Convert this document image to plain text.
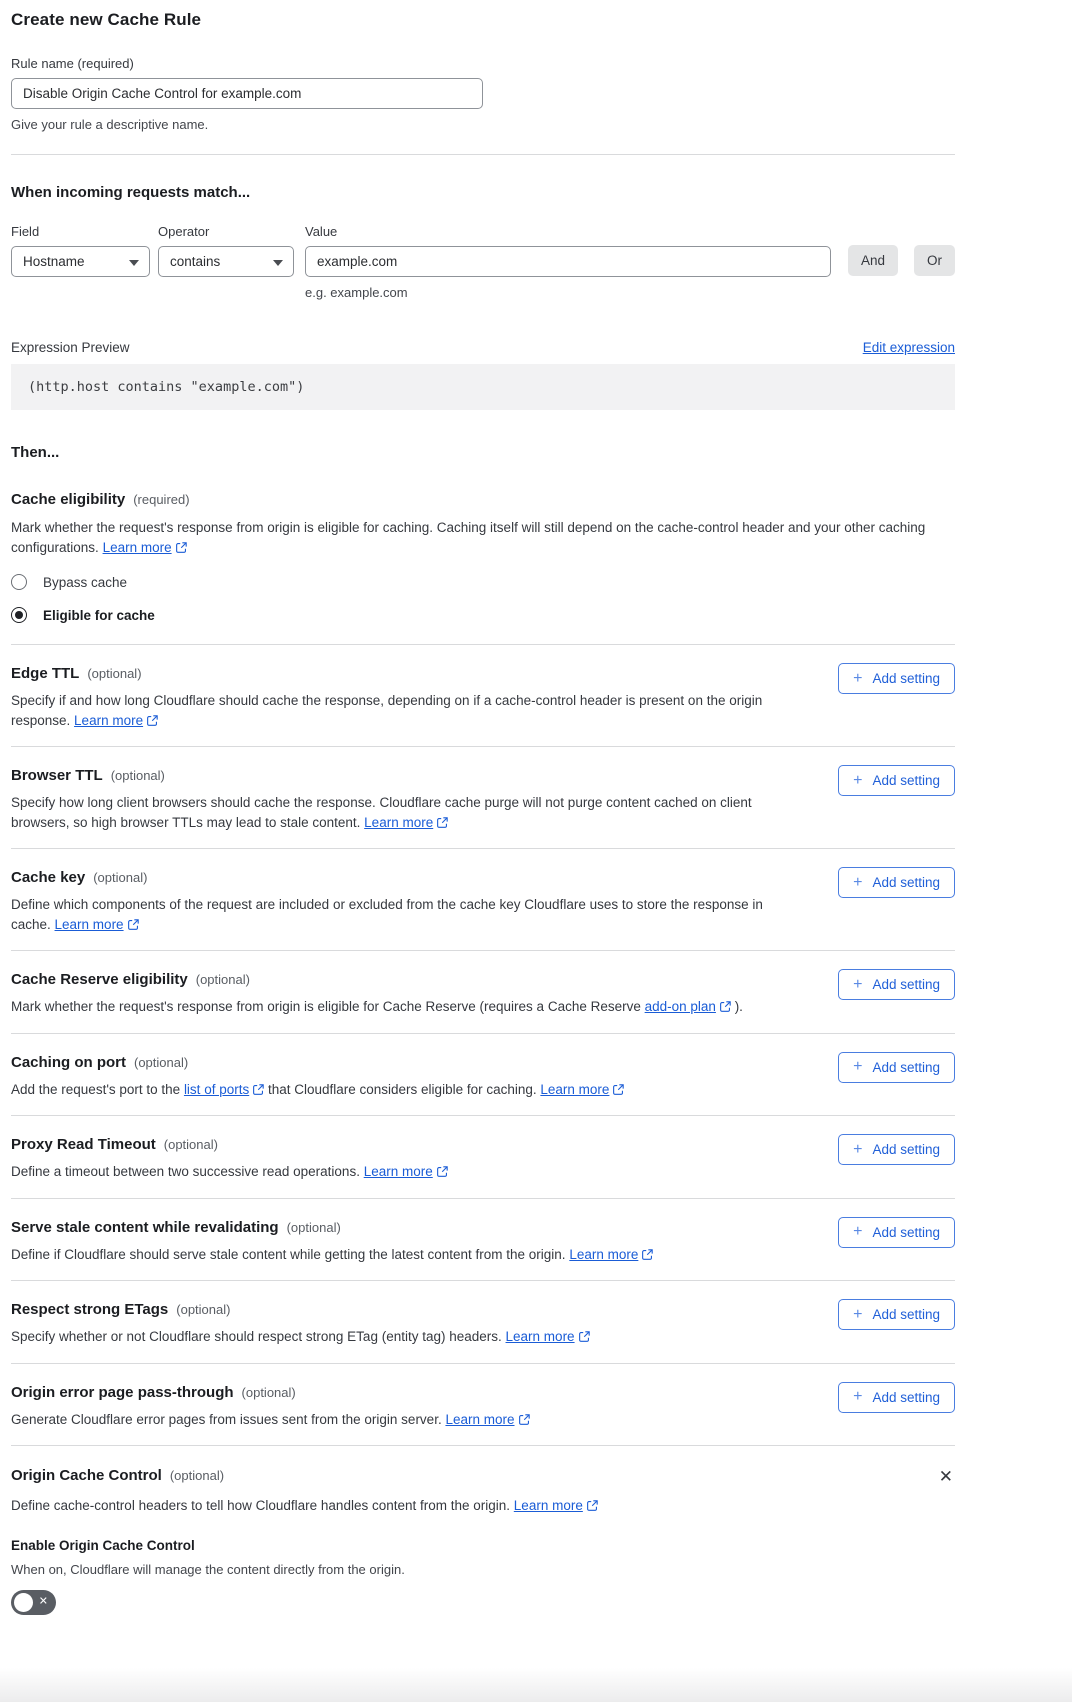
Create new Cache Rule
Rule name (required)
Disable Origin Cache Control for example.com
Give your rule a descriptive name.
When incoming requests match...
Field
Hostname
Operator
contains
Value
example.com
e.g. example.com
And	Or
Expression Preview	Edit expression
(http.host contains "example.com")
Then...
Cache eligibility (required)

Mark whether the request's response from origin is eligible for caching. Caching itself will still depend on the cache-control header and your other caching configurations. Learn more

Bypass cache
Eligible for cache
Edge TTL (optional)

Specify if and how long Cloudflare should cache the response, depending on if a cache-control header is present on the origin response. Learn more

+ Add setting
Browser TTL (optional)

Specify how long client browsers should cache the response. Cloudflare cache purge will not purge content cached on client browsers, so high browser TTLs may lead to stale content. Learn more

+ Add setting
Cache key (optional)

Define which components of the request are included or excluded from the cache key Cloudflare uses to store the response in cache. Learn more

+ Add setting
Cache Reserve eligibility (optional)

Mark whether the request's response from origin is eligible for Cache Reserve (requires a Cache Reserve add-on plan ).

+ Add setting
Caching on port (optional)

Add the request's port to the list of ports that Cloudflare considers eligible for caching. Learn more

+ Add setting
Proxy Read Timeout (optional)

Define a timeout between two successive read operations. Learn more

+ Add setting
Serve stale content while revalidating (optional)

Define if Cloudflare should serve stale content while getting the latest content from the origin. Learn more

+ Add setting
Respect strong ETags (optional)

Specify whether or not Cloudflare should respect strong ETag (entity tag) headers. Learn more

+ Add setting
Origin error page pass-through (optional)

Generate Cloudflare error pages from issues sent from the origin server. Learn more

+ Add setting
Origin Cache Control (optional)	✕

Define cache-control headers to tell how Cloudflare handles content from the origin. Learn more

Enable Origin Cache Control
When on, Cloudflare will manage the content directly from the origin.
✕
